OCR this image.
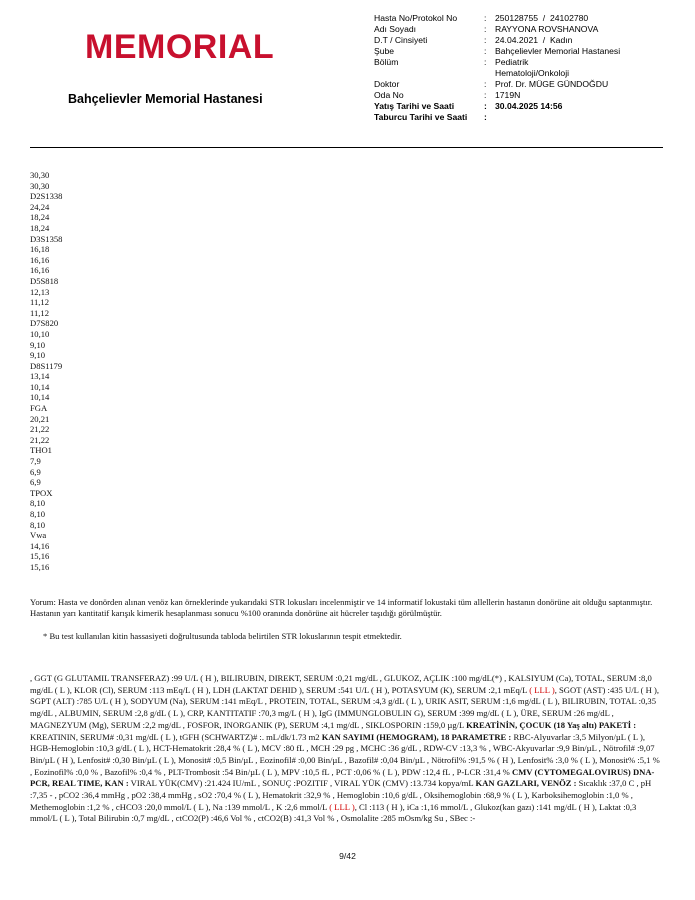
MEMORIAL
Bahçelievler Memorial Hastanesi
Hasta No/Protokol No	:	250128755  /  24102780
Adı Soyadı	:	RAYYONA ROVSHANOVA
D.T / Cinsiyeti	:	24.04.2021  /  Kadın
Şube	:	Bahçelievler Memorial Hastanesi
Bölüm	:	Pediatrik
Hematoloji/Onkoloji
Doktor	:	Prof. Dr. MÜGE GÜNDOĞDU
Oda No	:	1719N
Yatış Tarihi ve Saati	: 30.04.2025 14:56
Taburcu Tarihi ve Saati	:
30,30
30,30
D2S1338
24,24
18,24
18,24
D3S1358
16,18
16,16
16,16
D5S818
12,13
11,12
11,12
D7S820
10,10
9,10
9,10
D8S1179
13,14
10,14
10,14
FGA
20,21
21,22
21,22
THO1
7,9
6,9
6,9
TPOX
8,10
8,10
8,10
Vwa
14,16
15,16
15,16
Yorum: Hasta ve donörden alınan venöz kan örneklerinde yukarıdaki STR lokusları incelenmiştir ve 14 informatif lokustaki tüm allellerin hastanın donörüne ait olduğu saptanmıştır. Hastanın yarı kantitatif karışık kimerik hesaplanması sonucu %100 oranında donörüne ait hücreler taşıdığı görülmüştür.
* Bu test kullanılan kitin hassasiyeti doğrultusunda tabloda belirtilen STR lokuslarının tespit etmektedir.
, GGT (G GLUTAMIL TRANSFERAZ) :99 U/L ( H ), BILIRUBIN, DIREKT, SERUM :0,21 mg/dL , GLUKOZ, AÇLIK :100 mg/dL(*) , KALSIYUM (Ca), TOTAL, SERUM :8,0 mg/dL ( L ), KLOR (Cl), SERUM :113 mEq/L ( H ), LDH (LAKTAT DEHID ), SERUM :541 U/L ( H ), POTASYUM (K), SERUM :2,1 mEq/L ( LLL ), SGOT (AST) :435 U/L ( H ), SGPT (ALT) :785 U/L ( H ), SODYUM (Na), SERUM :141 mEq/L , PROTEIN, TOTAL, SERUM :4,3 g/dL ( L ), URIK ASIT, SERUM :1,6 mg/dL ( L ), BILIRUBIN, TOTAL :0,35 mg/dL , ALBUMIN, SERUM :2,8 g/dL ( L ), CRP, KANTITATIF :70,3 mg/L ( H ), IgG (IMMUNGLOBULIN G), SERUM :399 mg/dL ( L ), ÜRE, SERUM :26 mg/dL , MAGNEZYUM (Mg), SERUM :2,2 mg/dL , FOSFOR, INORGANIK (P), SERUM :4,1 mg/dL , SIKLOSPORIN :159,0 µg/L KREATİNİN, ÇOCUK (18 Yaş altı) PAKETİ : KREATININ, SERUM# :0,31 mg/dL ( L ), tGFH (SCHWARTZ)# :. mL/dk/1.73 m2 KAN SAYIMI (HEMOGRAM), 18 PARAMETRE : RBC-Alyuvarlar :3,5 Milyon/µL ( L ), HGB-Hemoglobin :10,3 g/dL ( L ), HCT-Hematokrit :28,4 % ( L ), MCV :80 fL , MCH :29 pg , MCHC :36 g/dL , RDW-CV :13,3 % , WBC-Akyuvarlar :9,9 Bin/µL , Nötrofil# :9,07 Bin/µL ( H ), Lenfosit# :0,30 Bin/µL ( L ), Monosit# :0,5 Bin/µL , Eozinofil# :0,00 Bin/µL , Bazofil# :0,04 Bin/µL , Nötrofil% :91,5 % ( H ), Lenfosit% :3,0 % ( L ), Monosit% :5,1 % , Eozinofil% :0,0 % , Bazofil% :0,4 % , PLT-Trombosit :54 Bin/µL ( L ), MPV :10,5 fL , PCT :0,06 % ( L ), PDW :12,4 fL , P-LCR :31,4 % CMV (CYTOMEGALOVIRUS) DNA-PCR, REAL TIME, KAN : VIRAL YÜK(CMV) :21.424 IU/mL , SONUÇ :POZITIF , VIRAL YÜK (CMV) :13.734 kopya/mL KAN GAZLARI, VENÖZ : Sıcaklık :37,0 C , pH :7,35 - , pCO2 :36,4 mmHg , pO2 :38,4 mmHg , sO2 :70,4 % ( L ), Hematokrit :32,9 % , Hemoglobin :10,6 g/dL , Oksihemoglobin :68,9 % ( L ), Karboksihemoglobin :1,0 % , Methemoglobin :1,2 % , cHCO3 :20,0 mmol/L ( L ), Na :139 mmol/L , K :2,6 mmol/L ( LLL ), Cl :113 ( H ), iCa :1,16 mmol/L , Glukoz(kan gazı) :141 mg/dL ( H ), Laktat :0,3 mmol/L ( L ), Total Bilirubin :0,7 mg/dL , ctCO2(P) :46,6 Vol % , ctCO2(B) :41,3 Vol % , Osmolalite :285 mOsm/kg Su , SBec :-
9/42
